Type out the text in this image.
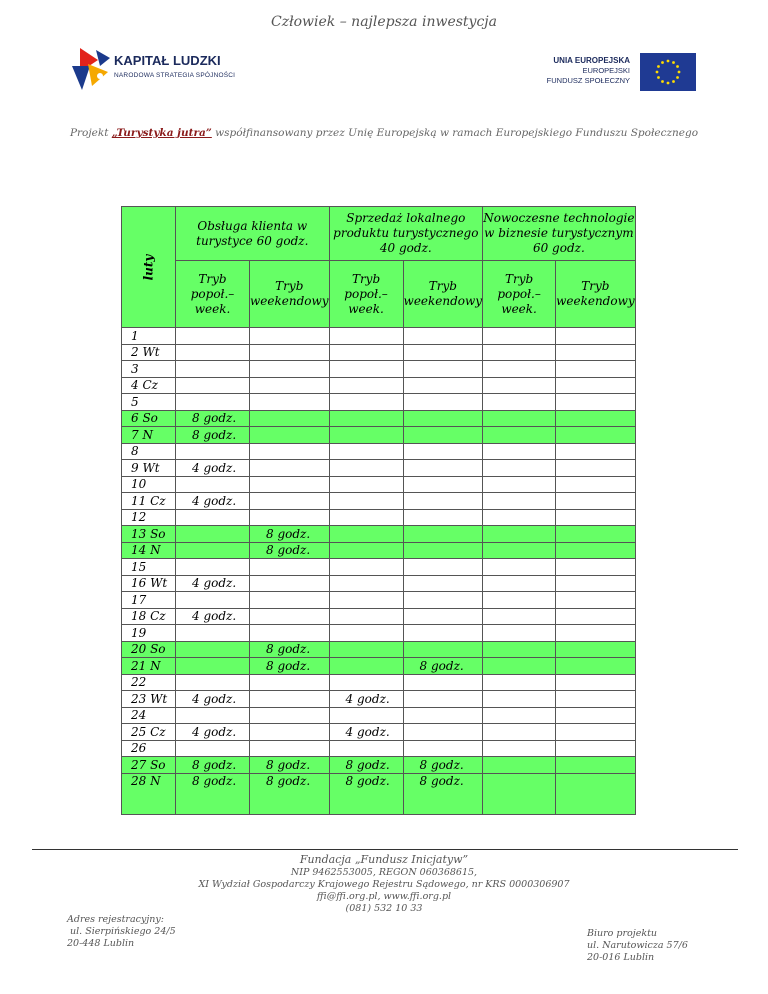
Człowiek – najlepsza inwestycja
KAPITAŁ LUDZKI
NARODOWA STRATEGIA SPÓJNOŚCI
UNIA EUROPEJSKA
EUROPEJSKI
FUNDUSZ SPOŁECZNY
Projekt „Turystyka jutra” współfinansowany przez Unię Europejską w ramach Europejskiego Funduszu Społecznego
luty	Obsługa klienta w turystyce 60 godz.		Sprzedaż lokalnego produktu turystycznego 40 godz.		Nowoczesne technologie w biznesie turystycznym 60 godz.	
	Tryb popoł.–week.	Tryb weekendowy	Tryb popoł.–week.	Tryb weekendowy	Tryb popoł.–week.	Tryb weekendowy
1						
2 Wt						
3						
4 Cz						
5						
6 So	8 godz.					
7 N	8 godz.					
8						
9 Wt	4 godz.					
10						
11 Cz	4 godz.					
12						
13 So		8 godz.				
14 N		8 godz.				
15						
16 Wt	4 godz.					
17						
18 Cz	4 godz.					
19						
20 So		8 godz.				
21 N		8 godz.		8 godz.		
22						
23 Wt	4 godz.		4 godz.			
24						
25 Cz	4 godz.		4 godz.			
26						
27 So	8 godz.	8 godz.	8 godz.	8 godz.		
28 N	8 godz.	8 godz.	8 godz.	8 godz.		
Fundacja „Fundusz Inicjatyw”
NIP 9462553005, REGON 060368615,
XI Wydział Gospodarczy Krajowego Rejestru Sądowego, nr KRS 0000306907
ffi@ffi.org.pl, www.ffi.org.pl
(081) 532 10 33
Adres rejestracyjny:
ul. Sierpińskiego 24/5
20-448 Lublin
Biuro projektu
ul. Narutowicza 57/6
20-016 Lublin
